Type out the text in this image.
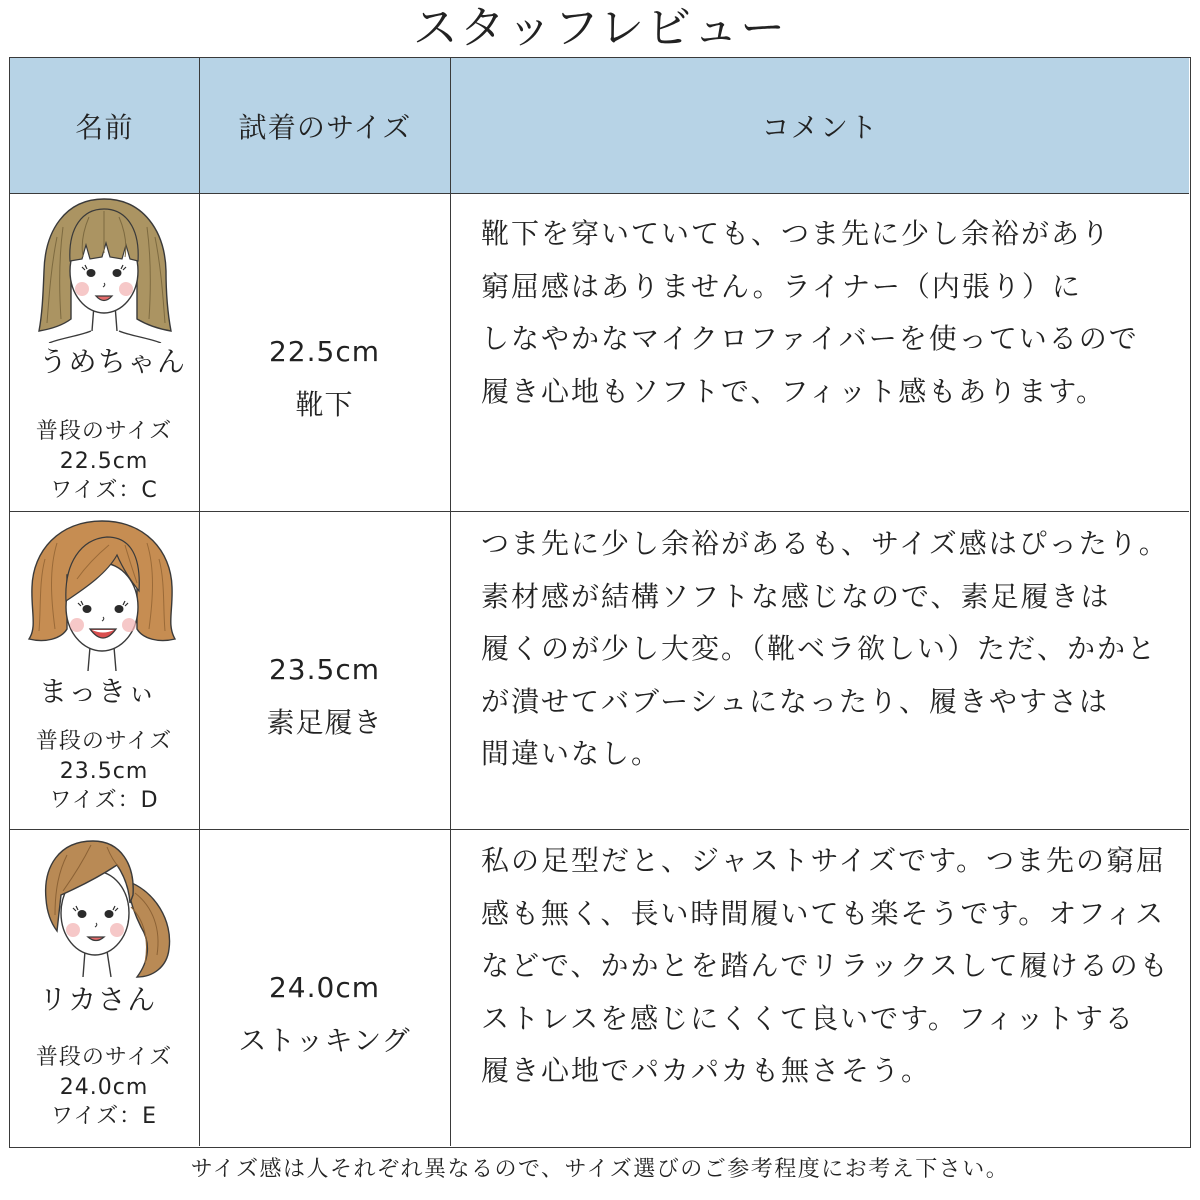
スタッフレビュー
名前	試着のサイズ	コメント
うめちゃん
普段のサイズ
22.5cm
ワイズ：C
22.5cm
靴下
靴下を穿いていても、つま先に少し余裕があり
窮屈感はありません。ライナー（内張り）に
しなやかなマイクロファイバーを使っているので
履き心地もソフトで、フィット感もあります。
まっきぃ
普段のサイズ
23.5cm
ワイズ：D
23.5cm
素足履き
つま先に少し余裕があるも、サイズ感はぴったり。
素材感が結構ソフトな感じなので、素足履きは
履くのが少し大変。（靴ベラ欲しい）ただ、かかと
が潰せてバブーシュになったり、履きやすさは
間違いなし。
リカさん
普段のサイズ
24.0cm
ワイズ：E
24.0cm
ストッキング
私の足型だと、ジャストサイズです。つま先の窮屈
感も無く、長い時間履いても楽そうです。オフィス
などで、かかとを踏んでリラックスして履けるのも
ストレスを感じにくくて良いです。フィットする
履き心地でパカパカも無さそう。
サイズ感は人それぞれ異なるので、サイズ選びのご参考程度にお考え下さい。
